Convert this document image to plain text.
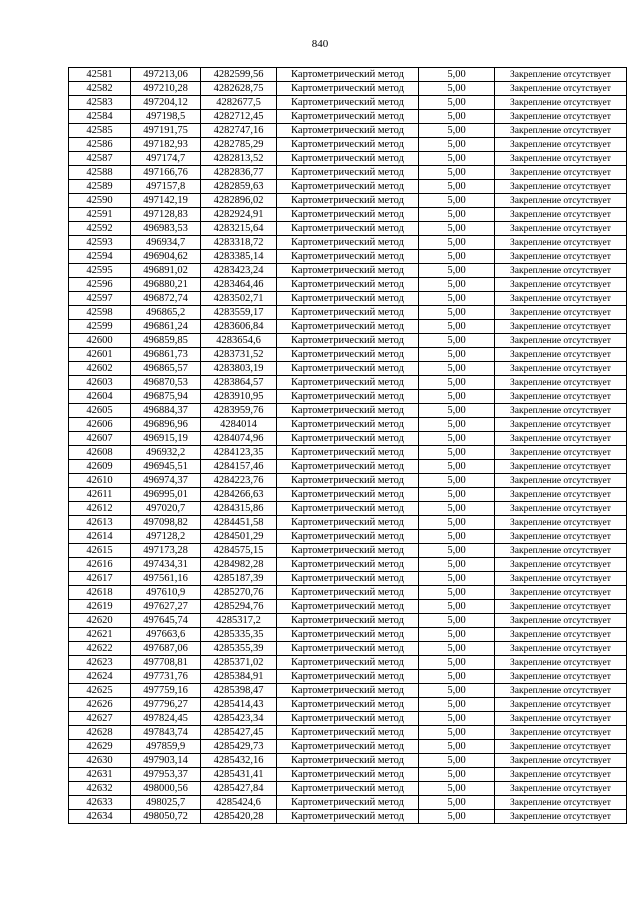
840
42581	497213,06	4282599,56	Картометрический метод	5,00	Закрепление отсутствует
42582	497210,28	4282628,75	Картометрический метод	5,00	Закрепление отсутствует
42583	497204,12	4282677,5	Картометрический метод	5,00	Закрепление отсутствует
42584	497198,5	4282712,45	Картометрический метод	5,00	Закрепление отсутствует
42585	497191,75	4282747,16	Картометрический метод	5,00	Закрепление отсутствует
42586	497182,93	4282785,29	Картометрический метод	5,00	Закрепление отсутствует
42587	497174,7	4282813,52	Картометрический метод	5,00	Закрепление отсутствует
42588	497166,76	4282836,77	Картометрический метод	5,00	Закрепление отсутствует
42589	497157,8	4282859,63	Картометрический метод	5,00	Закрепление отсутствует
42590	497142,19	4282896,02	Картометрический метод	5,00	Закрепление отсутствует
42591	497128,83	4282924,91	Картометрический метод	5,00	Закрепление отсутствует
42592	496983,53	4283215,64	Картометрический метод	5,00	Закрепление отсутствует
42593	496934,7	4283318,72	Картометрический метод	5,00	Закрепление отсутствует
42594	496904,62	4283385,14	Картометрический метод	5,00	Закрепление отсутствует
42595	496891,02	4283423,24	Картометрический метод	5,00	Закрепление отсутствует
42596	496880,21	4283464,46	Картометрический метод	5,00	Закрепление отсутствует
42597	496872,74	4283502,71	Картометрический метод	5,00	Закрепление отсутствует
42598	496865,2	4283559,17	Картометрический метод	5,00	Закрепление отсутствует
42599	496861,24	4283606,84	Картометрический метод	5,00	Закрепление отсутствует
42600	496859,85	4283654,6	Картометрический метод	5,00	Закрепление отсутствует
42601	496861,73	4283731,52	Картометрический метод	5,00	Закрепление отсутствует
42602	496865,57	4283803,19	Картометрический метод	5,00	Закрепление отсутствует
42603	496870,53	4283864,57	Картометрический метод	5,00	Закрепление отсутствует
42604	496875,94	4283910,95	Картометрический метод	5,00	Закрепление отсутствует
42605	496884,37	4283959,76	Картометрический метод	5,00	Закрепление отсутствует
42606	496896,96	4284014	Картометрический метод	5,00	Закрепление отсутствует
42607	496915,19	4284074,96	Картометрический метод	5,00	Закрепление отсутствует
42608	496932,2	4284123,35	Картометрический метод	5,00	Закрепление отсутствует
42609	496945,51	4284157,46	Картометрический метод	5,00	Закрепление отсутствует
42610	496974,37	4284223,76	Картометрический метод	5,00	Закрепление отсутствует
42611	496995,01	4284266,63	Картометрический метод	5,00	Закрепление отсутствует
42612	497020,7	4284315,86	Картометрический метод	5,00	Закрепление отсутствует
42613	497098,82	4284451,58	Картометрический метод	5,00	Закрепление отсутствует
42614	497128,2	4284501,29	Картометрический метод	5,00	Закрепление отсутствует
42615	497173,28	4284575,15	Картометрический метод	5,00	Закрепление отсутствует
42616	497434,31	4284982,28	Картометрический метод	5,00	Закрепление отсутствует
42617	497561,16	4285187,39	Картометрический метод	5,00	Закрепление отсутствует
42618	497610,9	4285270,76	Картометрический метод	5,00	Закрепление отсутствует
42619	497627,27	4285294,76	Картометрический метод	5,00	Закрепление отсутствует
42620	497645,74	4285317,2	Картометрический метод	5,00	Закрепление отсутствует
42621	497663,6	4285335,35	Картометрический метод	5,00	Закрепление отсутствует
42622	497687,06	4285355,39	Картометрический метод	5,00	Закрепление отсутствует
42623	497708,81	4285371,02	Картометрический метод	5,00	Закрепление отсутствует
42624	497731,76	4285384,91	Картометрический метод	5,00	Закрепление отсутствует
42625	497759,16	4285398,47	Картометрический метод	5,00	Закрепление отсутствует
42626	497796,27	4285414,43	Картометрический метод	5,00	Закрепление отсутствует
42627	497824,45	4285423,34	Картометрический метод	5,00	Закрепление отсутствует
42628	497843,74	4285427,45	Картометрический метод	5,00	Закрепление отсутствует
42629	497859,9	4285429,73	Картометрический метод	5,00	Закрепление отсутствует
42630	497903,14	4285432,16	Картометрический метод	5,00	Закрепление отсутствует
42631	497953,37	4285431,41	Картометрический метод	5,00	Закрепление отсутствует
42632	498000,56	4285427,84	Картометрический метод	5,00	Закрепление отсутствует
42633	498025,7	4285424,6	Картометрический метод	5,00	Закрепление отсутствует
42634	498050,72	4285420,28	Картометрический метод	5,00	Закрепление отсутствует
